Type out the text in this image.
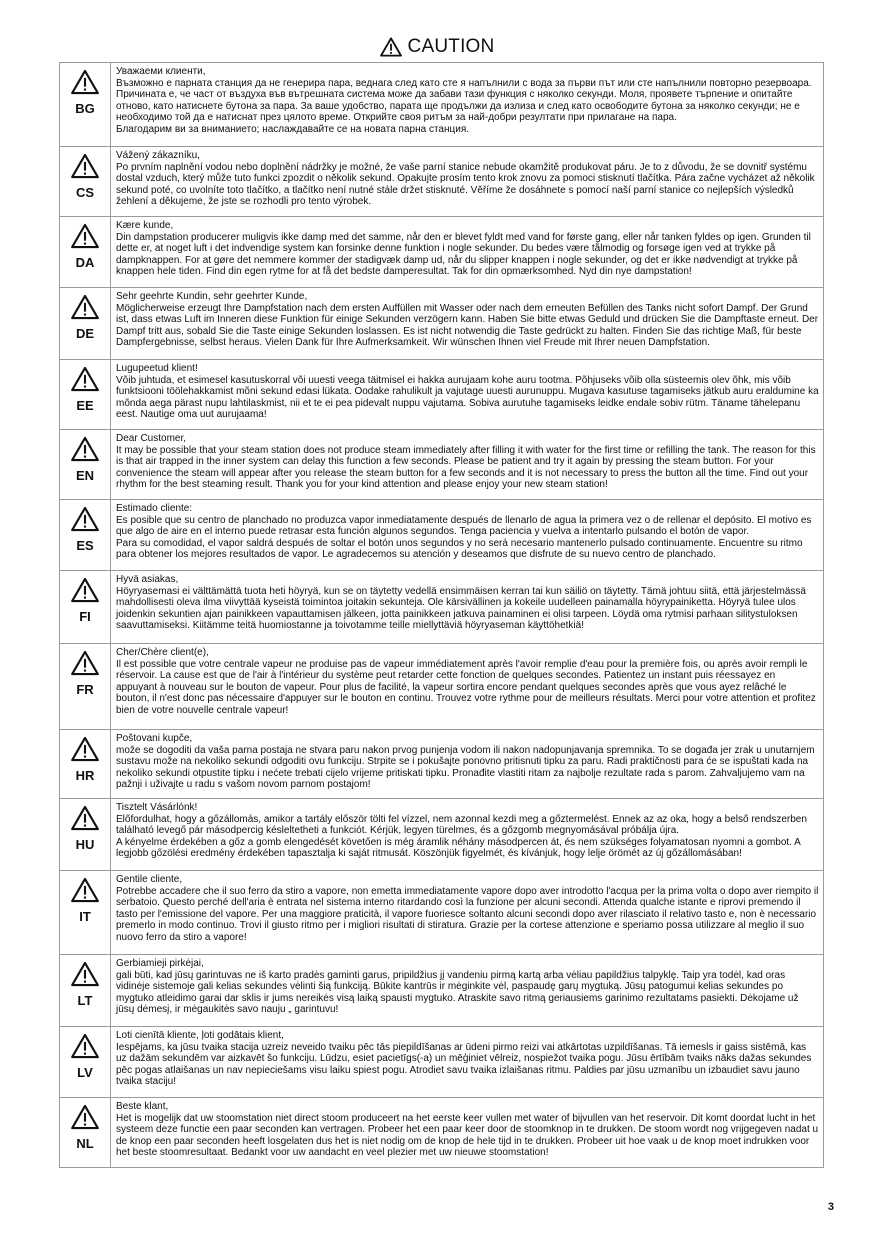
CAUTION
BG	Уважаеми клиенти,
Възможно е парната станция да не генерира пара, веднага след като сте я напълнили с вода за първи път или сте напълнили повторно резервоара.
Причината е, че част от въздуха във вътрешната система може да забави тази функция с няколко секунди. Моля, проявете търпение и опитайте отново, като натиснете бутона за пара. За ваше удобство, парата ще продължи да излиза и след като освободите бутона за няколко секунди; не е необходимо той да е натиснат през цялото време. Открийте своя ритъм за най-добри резултати при прилагане на пара.
Благодарим ви за вниманието; наслаждавайте се на новата парна станция.

CS	Vážený zákazníku,
Po prvním naplnění vodou nebo doplnění nádržky je možné, že vaše parní stanice nebude okamžitě produkovat páru. Je to z důvodu, že se dovnitř systému dostal vzduch, který může tuto funkci zpozdit o několik sekund. Opakujte prosím tento krok znovu za pomoci stisknutí tlačítka. Pára začne vycházet až několik sekund poté, co uvolníte toto tlačítko, a tlačítko není nutné stále držet stisknuté. Věříme že dosáhnete s pomocí naší parní stanice co nejlepších výsledků žehlení a děkujeme, že jste se rozhodli pro tento výrobek.

DA	Kære kunde,
Din dampstation producerer muligvis ikke damp med det samme, når den er blevet fyldt med vand for første gang, eller når tanken fyldes op igen. Grunden til dette er, at noget luft i det indvendige system kan forsinke denne funktion i nogle sekunder. Du bedes være tålmodig og forsøge igen ved at trykke på dampknappen. For at gøre det nemmere kommer der stadigvæk damp ud, når du slipper knappen i nogle sekunder, og det er ikke nødvendigt at trykke på knappen hele tiden. Find din egen rytme for at få det bedste damperesultat. Tak for din opmærksomhed. Nyd din nye dampstation!

DE	Sehr geehrte Kundin, sehr geehrter Kunde,
Möglicherweise erzeugt Ihre Dampfstation nach dem ersten Auffüllen mit Wasser oder nach dem erneuten Befüllen des Tanks nicht sofort Dampf. Der Grund ist, dass etwas Luft im Inneren diese Funktion für einige Sekunden verzögern kann. Haben Sie bitte etwas Geduld und drücken Sie die Dampftaste erneut. Der Dampf tritt aus, sobald Sie die Taste einige Sekunden loslassen. Es ist nicht notwendig die Taste gedrückt zu halten. Finden Sie das richtige Maß, für beste Dampfergebnisse, selbst heraus. Vielen Dank für Ihre Aufmerksamkeit. Wir wünschen Ihnen viel Freude mit Ihrer neuen Dampfstation.

EE	Lugupeetud klient!
Võib juhtuda, et esimesel kasutuskorral või uuesti veega täitmisel ei hakka aurujaam kohe auru tootma. Põhjuseks võib olla süsteemis olev õhk, mis võib funktsiooni töölehakkamist mõni sekund edasi lükata. Oodake rahulikult ja vajutage uuesti aurunuppu. Mugava kasutuse tagamiseks jätkub auru eraldumine ka mõnda aega pärast nupu lahtilaskmist, nii et te ei pea pidevalt nuppu vajutama. Sobiva aurutuhe tagamiseks leidke endale sobiv rütm. Täname tähelepanu eest. Nautige oma uut aurujaama!

EN	Dear Customer,
It may be possible that your steam station does not produce steam immediately after filling it with water for the first time or refilling the tank. The reason for this is that air trapped in the inner system can delay this function a few seconds. Please be patient and try it again by pressing the steam button. For your convenience the steam will appear after you release the steam button for a few seconds and it is not necessary to press the button all the time. Find out your rhythm for the best steaming result. Thank you for your kind attention and please enjoy your new steam station!

ES	Estimado cliente:
Es posible que su centro de planchado no produzca vapor inmediatamente después de llenarlo de agua la primera vez o de rellenar el depósito. El motivo es que algo de aire en el interno puede retrasar esta función algunos segundos. Tenga paciencia y vuelva a intentarlo pulsando el botón de vapor.
Para su comodidad, el vapor saldrá después de soltar el botón unos segundos y no será necesario mantenerlo pulsado continuamente. Encuentre su ritmo para obtener los mejores resultados de vapor. Le agradecemos su atención y deseamos que disfrute de su nuevo centro de planchado.

FI	Hyvä asiakas,
Höyryasemasi ei välttämättä tuota heti höyryä, kun se on täytetty vedellä ensimmäisen kerran tai kun säiliö on täytetty. Tämä johtuu siitä, että järjestelmässä mahdollisesti oleva ilma viivyttää kyseistä toimintoa joitakin sekunteja. Ole kärsivällinen ja kokeile uudelleen painamalla höyrypainiketta. Höyryä tulee ulos joidenkin sekuntien ajan painikkeen vapauttamisen jälkeen, jotta painikkeen jatkuva painaminen ei olisi tarpeen. Löydä oma rytmisi parhaan silitystuloksen saavuttamiseksi. Kiitämme teitä huomiostanne ja toivotamme teille miellyttäviä höyryaseman käyttöhetkiä!

FR	Cher/Chère client(e),
Il est possible que votre centrale vapeur ne produise pas de vapeur immédiatement après l'avoir remplie d'eau pour la première fois, ou après avoir rempli le réservoir. La cause est que de l'air à l'intérieur du système peut retarder cette fonction de quelques secondes. Patientez un instant puis réessayez en appuyant à nouveau sur le bouton de vapeur. Pour plus de facilité, la vapeur sortira encore pendant quelques secondes après que vous ayez relâché le bouton, il n'est donc pas nécessaire d'appuyer sur le bouton en continu. Trouvez votre rythme pour de meilleurs résultats. Merci pour votre attention et profitez bien de votre nouvelle centrale vapeur!

HR	Poštovani kupče,
može se dogoditi da vaša parna postaja ne stvara paru nakon prvog punjenja vodom ili nakon nadopunjavanja spremnika. To se događa jer zrak u unutarnjem sustavu može na nekoliko sekundi odgoditi ovu funkciju. Strpite se i pokušajte ponovno pritisnuti tipku za paru. Radi praktičnosti para će se ispuštati kada na nekoliko sekundi otpustite tipku i nećete trebati cijelo vrijeme pritiskati tipku. Pronađite vlastiti ritam za najbolje rezultate rada s parom. Zahvaljujemo vam na pažnji i uživajte u radu s vašom novom parnom postajom!

HU	Tisztelt Vásárlónk!
Előfordulhat, hogy a gőzállomás, amikor a tartály először tölti fel vízzel, nem azonnal kezdi meg a gőztermelést. Ennek az az oka, hogy a belső rendszerben található levegő pár másodpercig késleltetheti a funkciót. Kérjük, legyen türelmes, és a gőzgomb megnyomásával próbálja újra.
A kényelme érdekében a gőz a gomb elengedését követően is még áramlik néhány másodpercen át, és nem szükséges folyamatosan nyomni a gombot. A legjobb gőzölési eredmény érdekében tapasztalja ki saját ritmusát. Köszönjük figyelmét, és kívánjuk, hogy lelje örömét az új gőzállomásában!

IT	Gentile cliente,
Potrebbe accadere che il suo ferro da stiro a vapore, non emetta immediatamente vapore dopo aver introdotto l'acqua per la prima volta o dopo aver riempito il serbatoio. Questo perché dell'aria è entrata nel sistema interno ritardando così la funzione per alcuni secondi. Attenda qualche istante e riprovi premendo il tasto per l'emissione del vapore. Per una maggiore praticità, il vapore fuoriesce soltanto alcuni secondi dopo aver rilasciato il relativo tasto e, non è necessario premerlo in modo continuo. Trovi il giusto ritmo per i migliori risultati di stiratura. Grazie per la cortese attenzione e speriamo possa utilizzare al meglio il suo nuovo ferro da stiro a vapore!

LT	Gerbiamieji pirkėjai,
gali būti, kad jūsų garintuvas ne iš karto pradės gaminti garus, pripildžius jį vandeniu pirmą kartą arba vėliau papildžius talpyklę. Taip yra todėl, kad oras vidinėje sistemoje gali kelias sekundes vėlinti šią funkciją. Būkite kantrūs ir mėginkite vėl, paspaudę garų mygtuką. Jūsų patogumui kelias sekundes po mygtuko atleidimo garai dar sklis ir jums nereikės visą laiką spausti mygtuko. Atraskite savo ritmą geriausiems garinimo rezultatams pasiekti. Dėkojame už jūsų dėmesį, ir mėgaukitės savo nauju „ garintuvu!

LV	Loti cienītā kliente, ļoti godātais klient,
Iespējams, ka jūsu tvaika stacija uzreiz neveido tvaiku pēc tās piepildīšanas ar ūdeni pirmo reizi vai atkārtotas uzpildīšanas. Tā iemesls ir gaiss sistēmā, kas uz dažām sekundēm var aizkavēt šo funkciju. Lūdzu, esiet pacietīgs(-a) un mēģiniet vēlreiz, nospiežot tvaika pogu. Jūsu ērtībām tvaiks nāks dažas sekundes pēc pogas atlaišanas un nav nepieciešams visu laiku spiest pogu. Atrodiet savu tvaika izlaišanas ritmu. Paldies par jūsu uzmanību un izbaudiet savu jauno tvaika staciju!

NL	Beste klant,
Het is mogelijk dat uw stoomstation niet direct stoom produceert na het eerste keer vullen met water of bijvullen van het reservoir. Dit komt doordat lucht in het systeem deze functie een paar seconden kan vertragen. Probeer het een paar keer door de stoomknop in te drukken. De stoom wordt nog vrijgegeven nadat u de knop een paar seconden heeft losgelaten dus het is niet nodig om de knop de hele tijd in te drukken. Probeer uit hoe vaak u de knop moet indrukken voor het beste stoomresultaat. Bedankt voor uw aandacht en veel plezier met uw nieuwe stoomstation!
3
